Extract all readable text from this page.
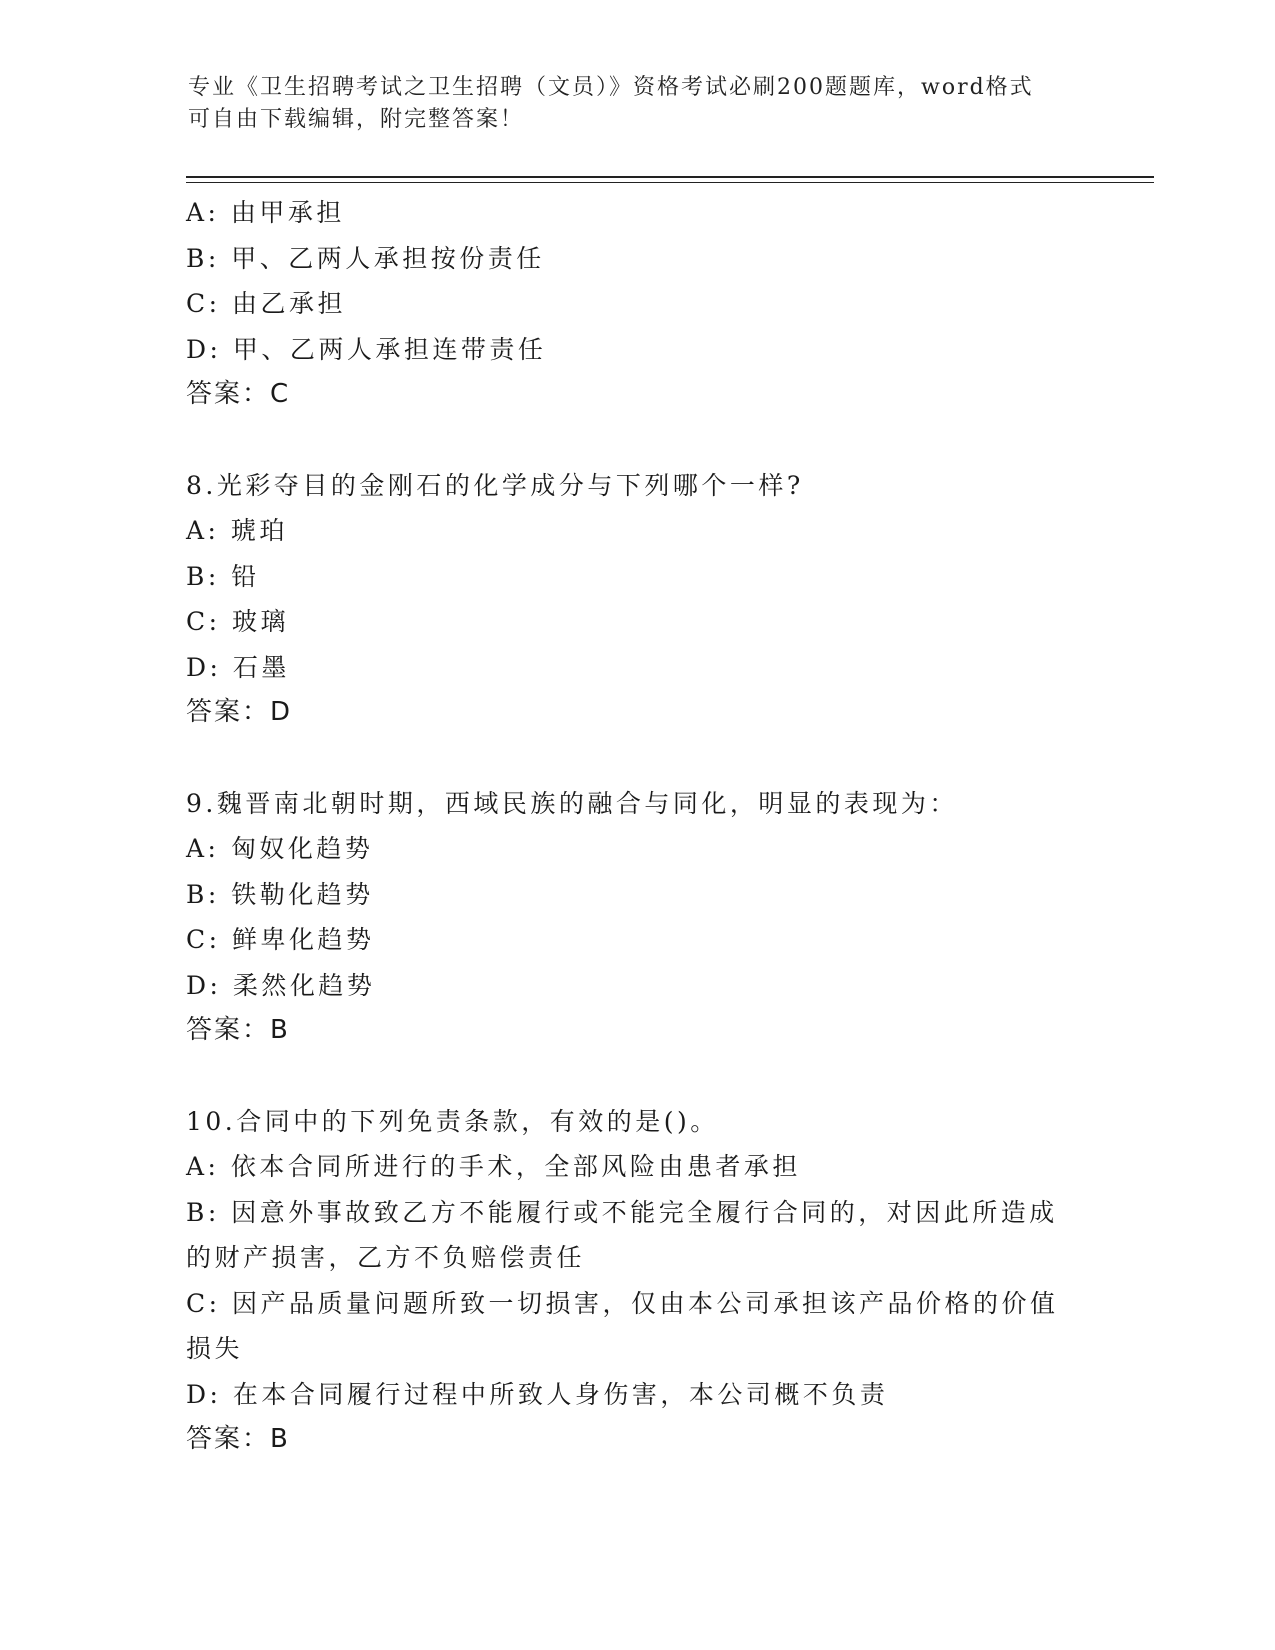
专业《卫生招聘考试之卫生招聘（文员）》资格考试必刷200题题库，word格式
可自由下载编辑，附完整答案！
A: 由甲承担
B: 甲、乙两人承担按份责任
C: 由乙承担
D: 甲、乙两人承担连带责任
答案：C
8.光彩夺目的金刚石的化学成分与下列哪个一样?
A: 琥珀
B: 铅
C: 玻璃
D: 石墨
答案：D
9.魏晋南北朝时期，西域民族的融合与同化，明显的表现为：
A: 匈奴化趋势
B: 铁勒化趋势
C: 鲜卑化趋势
D: 柔然化趋势
答案：B
10.合同中的下列免责条款，有效的是()。
A: 依本合同所进行的手术，全部风险由患者承担
B: 因意外事故致乙方不能履行或不能完全履行合同的，对因此所造成的财产损害，乙方不负赔偿责任
C: 因产品质量问题所致一切损害，仅由本公司承担该产品价格的价值损失
D: 在本合同履行过程中所致人身伤害，本公司概不负责
答案：B
